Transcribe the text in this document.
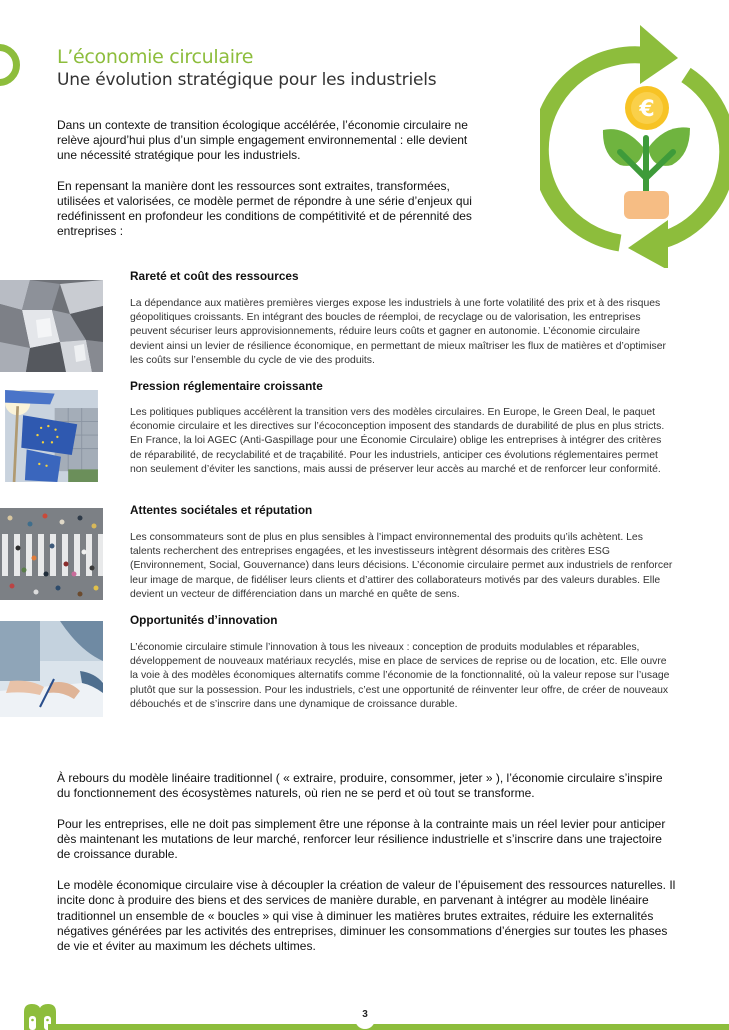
L’économie circulaire
Une évolution stratégique pour les industriels
€

Dans un contexte de transition écologique accélérée, l’économie circulaire ne relève ajourd’hui plus d’un simple engagement environnemental : elle devient une nécessité stratégique pour les industriels.

En repensant la manière dont les ressources sont extraites, transformées, utilisées et valorisées, ce modèle permet de répondre à une série d’enjeux qui redéfinissent en profondeur les conditions de compétitivité et de pérennité des entreprises :

Rareté et coût des ressources
La dépendance aux matières premières vierges expose les industriels à une forte volatilité des prix et à des risques géopolitiques croissants. En intégrant des boucles de réemploi, de recyclage ou de valorisation, les entreprises peuvent sécuriser leurs approvisionnements, réduire leurs coûts et gagner en autonomie. L’économie circulaire devient ainsi un levier de résilience économique, en permettant de mieux maîtriser les flux de matières et d’optimiser les coûts sur l’ensemble du cycle de vie des produits.
Pression réglementaire croissante
Les politiques publiques accélèrent la transition vers des modèles circulaires. En Europe, le Green Deal, le paquet économie circulaire et les directives sur l’écoconception imposent des standards de durabilité de plus en plus stricts. En France, la loi AGEC (Anti-Gaspillage pour une Économie Circulaire) oblige les entreprises à intégrer des critères de réparabilité, de recyclabilité et de traçabilité. Pour les industriels, anticiper ces évolutions réglementaires permet non seulement d’éviter les sanctions, mais aussi de préserver leur accès au marché et de renforcer leur conformité.
Attentes sociétales et réputation
Les consommateurs sont de plus en plus sensibles à l’impact environnemental des produits qu’ils achètent. Les talents recherchent des entreprises engagées, et les investisseurs intègrent désormais des critères ESG (Environnement, Social, Gouvernance) dans leurs décisions. L’économie circulaire permet aux industriels de renforcer leur image de marque, de fidéliser leurs clients et d’attirer des collaborateurs motivés par des valeurs durables. Elle devient un vecteur de différenciation dans un marché en quête de sens.
Opportunités d’innovation
L’économie circulaire stimule l’innovation à tous les niveaux : conception de produits modulables et réparables, développement de nouveaux matériaux recyclés, mise en place de services de reprise ou de location, etc. Elle ouvre la voie à des modèles économiques alternatifs comme l’économie de la fonctionnalité, où la valeur repose sur l’usage plutôt que sur la possession. Pour les industriels, c’est une opportunité de réinventer leur offre, de créer de nouveaux débouchés et de s’inscrire dans une dynamique de croissance durable.

À rebours du modèle linéaire traditionnel ( « extraire, produire, consommer, jeter » ), l’économie circulaire s’inspire du fonctionnement des écosystèmes naturels, où rien ne se perd et où tout se transforme.

Pour les entreprises, elle ne doit pas simplement être une réponse à la contrainte mais un réel levier pour anticiper dès maintenant les mutations de leur marché, renforcer leur résilience industrielle et s’inscrire dans une trajectoire de croissance durable.

Le modèle économique circulaire vise à découpler la création de valeur de l’épuisement des ressources naturelles. Il incite donc à produire des biens et des services de manière durable, en parvenant à intégrer au modèle linéaire traditionnel un ensemble de « boucles » qui vise à diminuer les matières brutes extraites, réduire les externalités négatives générées par les activités des entreprises, diminuer les consommations d’énergies sur toutes les phases de vie et éviter au maximum les déchets ultimes.

3
